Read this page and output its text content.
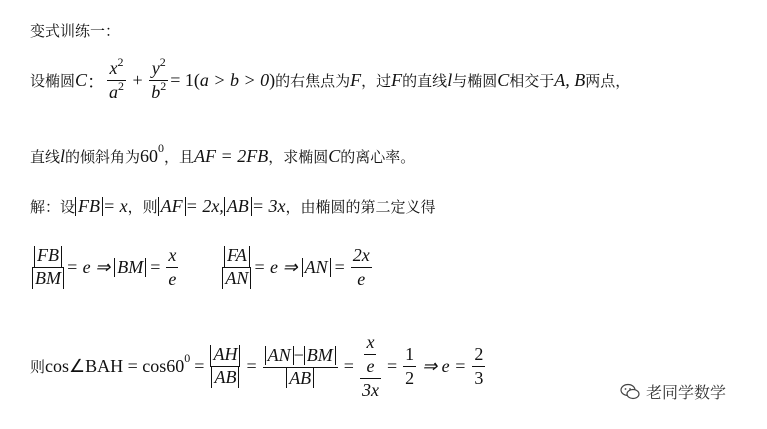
变式训练一：
设椭圆 C ： $\frac{x^2}{a^2} + \frac{y^2}{b^2} = 1$( a > b > 0 ) 的右焦点为 F ，过 F 的直线 l 与椭圆 C 相交于 A, B 两点，
直线 l 的倾斜角为 60 0 ，且 AF = 2FB ，求椭圆 C 的离心率。
解：设 FB = x ，则 AF = 2x, AB = 3x ，由椭圆的第二定义得
$\frac{FB}{BM} = e$ ⇒ BM = $\frac{x}{e} \frac{FA}{AN} = e$ ⇒ AN = $\frac{2x}{e}$
则 cos∠BAH = cos60 $0 = \frac{AH}{AB} = \frac{AN - BM}{AB} = \frac{\frac{x}{e}}{3x} = \frac{1}{2}$ ⇒ $e = \frac{2}{3}$
老同学数学
